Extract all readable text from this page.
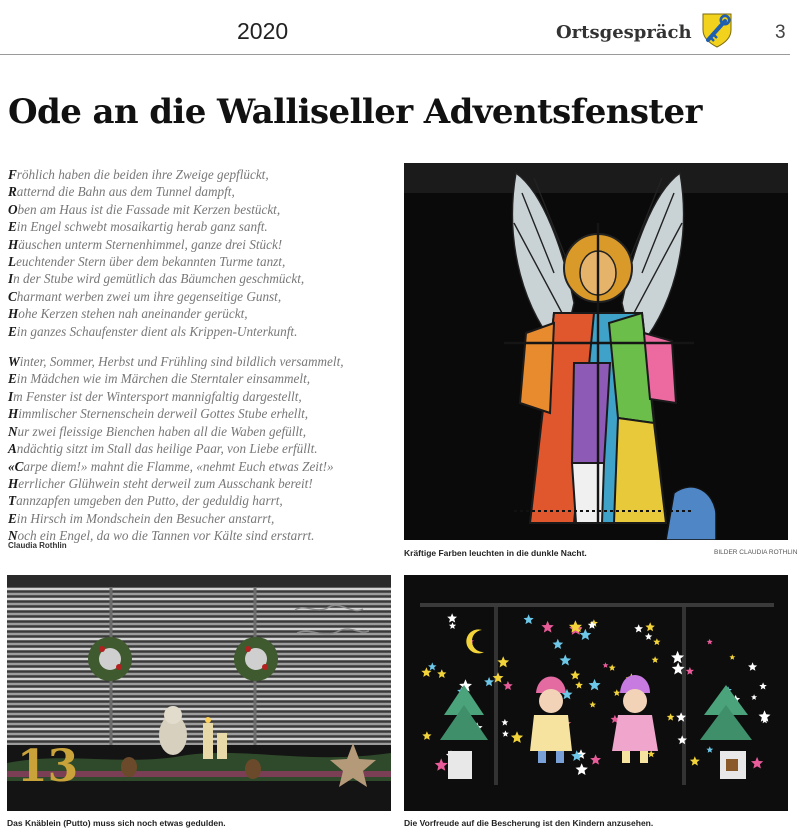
2020	Ortsgespräch	3
Ode an die Walliseller Adventsfenster
Fröhlich haben die beiden ihre Zweige gepflückt,
Ratternd die Bahn aus dem Tunnel dampft,
Oben am Haus ist die Fassade mit Kerzen bestückt,
Ein Engel schwebt mosaikartig herab ganz sanft.
Häuschen unterm Sternenhimmel, ganze drei Stück!
Leuchtender Stern über dem bekannten Turme tanzt,
In der Stube wird gemütlich das Bäumchen geschmückt,
Charmant werben zwei um ihre gegenseitige Gunst,
Hohe Kerzen stehen nah aneinander gerückt,
Ein ganzes Schaufenster dient als Krippen-Unterkunft.
Winter, Sommer, Herbst und Frühling sind bildlich versammelt,
Ein Mädchen wie im Märchen die Sterntaler einsammelt,
Im Fenster ist der Wintersport mannigfaltig dargestellt,
Himmlischer Sternenschein derweil Gottes Stube erhellt,
Nur zwei fleissige Bienchen haben all die Waben gefüllt,
Andächtig sitzt im Stall das heilige Paar, von Liebe erfüllt.
«Carpe diem!» mahnt die Flamme, «nehmt Euch etwas Zeit!»
Herrlicher Glühwein steht derweil zum Ausschank bereit!
Tannzapfen umgeben den Putto, der geduldig harrt,
Ein Hirsch im Mondschein den Besucher anstarrt,
Noch ein Engel, da wo die Tannen vor Kälte sind erstarrt.
Claudia Rothlin
Kräftige Farben leuchten in die dunkle Nacht.	BILDER CLAUDIA ROTHLIN
13
Das Knäblein (Putto) muss sich noch etwas gedulden.	Die Vorfreude auf die Bescherung ist den Kindern anzusehen.
